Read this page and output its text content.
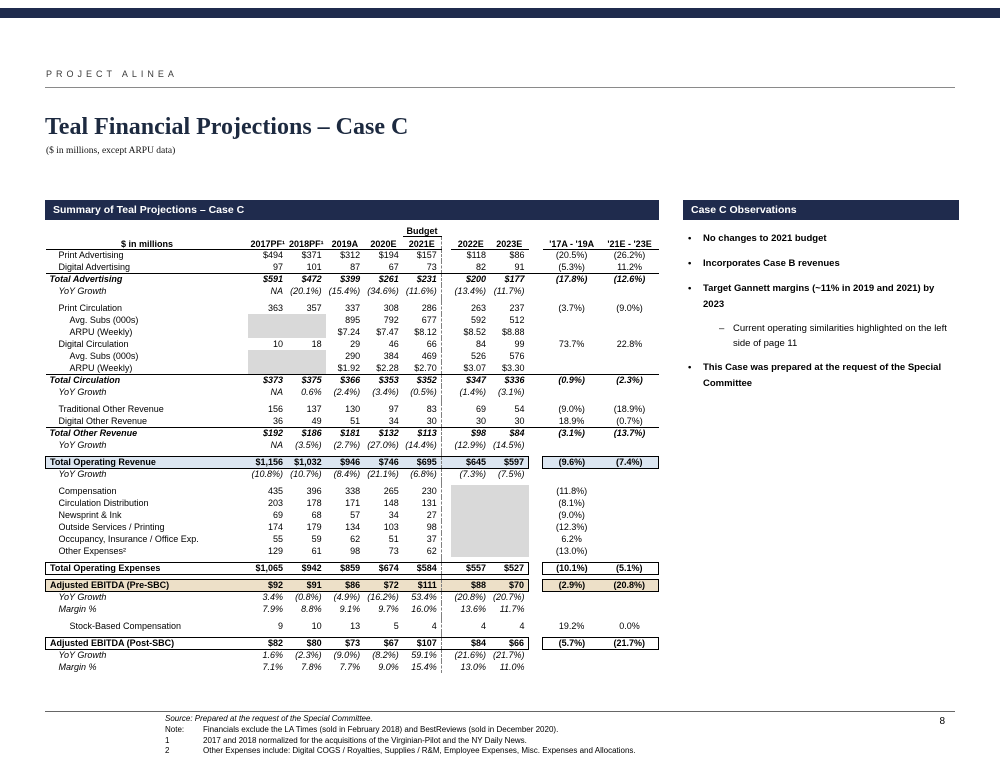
PROJECT ALINEA
Teal Financial Projections – Case C
($ in millions, except ARPU data)
Summary of Teal Projections – Case C
					Budget						
$ in millions	2017PF¹	2018PF¹	2019A	2020E	2021E		2022E	2023E		'17A - '19A	'21E - '23E
Print Advertising	$494	$371	$312	$194	$157		$118	$86		(20.5%)	(26.2%)
Digital Advertising	97	101	87	67	73		82	91		(5.3%)	11.2%
Total Advertising	$591	$472	$399	$261	$231		$200	$177		(17.8%)	(12.6%)
YoY Growth	NA	(20.1%)	(15.4%)	(34.6%)	(11.6%)		(13.4%)	(11.7%)			

Print Circulation	363	357	337	308	286		263	237		(3.7%)	(9.0%)
Avg. Subs (000s)			895	792	677		592	512			
ARPU (Weekly)			$7.24	$7.47	$8.12		$8.52	$8.88			
Digital Circulation	10	18	29	46	66		84	99		73.7%	22.8%
Avg. Subs (000s)			290	384	469		526	576			
ARPU (Weekly)			$1.92	$2.28	$2.70		$3.07	$3.30			
Total Circulation	$373	$375	$366	$353	$352		$347	$336		(0.9%)	(2.3%)
YoY Growth	NA	0.6%	(2.4%)	(3.4%)	(0.5%)		(1.4%)	(3.1%)			

Traditional Other Revenue	156	137	130	97	83		69	54		(9.0%)	(18.9%)
Digital Other Revenue	36	49	51	34	30		30	30		18.9%	(0.7%)
Total Other Revenue	$192	$186	$181	$132	$113		$98	$84		(3.1%)	(13.7%)
YoY Growth	NA	(3.5%)	(2.7%)	(27.0%)	(14.4%)		(12.9%)	(14.5%)			

Total Operating Revenue	$1,156	$1,032	$946	$746	$695		$645	$597		(9.6%)	(7.4%)
YoY Growth	(10.8%)	(10.7%)	(8.4%)	(21.1%)	(6.8%)		(7.3%)	(7.5%)			

Compensation	435	396	338	265	230					(11.8%)	
Circulation Distribution	203	178	171	148	131					(8.1%)	
Newsprint & Ink	69	68	57	34	27					(9.0%)	
Outside Services / Printing	174	179	134	103	98					(12.3%)	
Occupancy, Insurance / Office Exp.	55	59	62	51	37					6.2%	
Other Expenses²	129	61	98	73	62					(13.0%)	

Total Operating Expenses	$1,065	$942	$859	$674	$584		$557	$527		(10.1%)	(5.1%)

Adjusted EBITDA (Pre-SBC)	$92	$91	$86	$72	$111		$88	$70		(2.9%)	(20.8%)
YoY Growth	3.4%	(0.8%)	(4.9%)	(16.2%)	53.4%		(20.8%)	(20.7%)			
Margin %	7.9%	8.8%	9.1%	9.7%	16.0%		13.6%	11.7%			

Stock-Based Compensation	9	10	13	5	4		4	4		19.2%	0.0%

Adjusted EBITDA (Post-SBC)	$82	$80	$73	$67	$107		$84	$66		(5.7%)	(21.7%)
YoY Growth	1.6%	(2.3%)	(9.0%)	(8.2%)	59.1%		(21.6%)	(21.7%)			
Margin %	7.1%	7.8%	7.7%	9.0%	15.4%		13.0%	11.0%			
Case C Observations
•	No changes to 2021 budget
•	Incorporates Case B revenues
•	Target Gannett margins (~11% in 2019 and 2021) by 2023
– Current operating similarities highlighted on the left side of page 11
•	This Case was prepared at the request of the Special Committee
8
Source: Prepared at the request of the Special Committee.
Note:	Financials exclude the LA Times (sold in February 2018) and BestReviews (sold in December 2020).
1	2017 and 2018 normalized for the acquisitions of the Virginian-Pilot and the NY Daily News.
2	Other Expenses include: Digital COGS / Royalties, Supplies / R&M, Employee Expenses, Misc. Expenses and Allocations.
